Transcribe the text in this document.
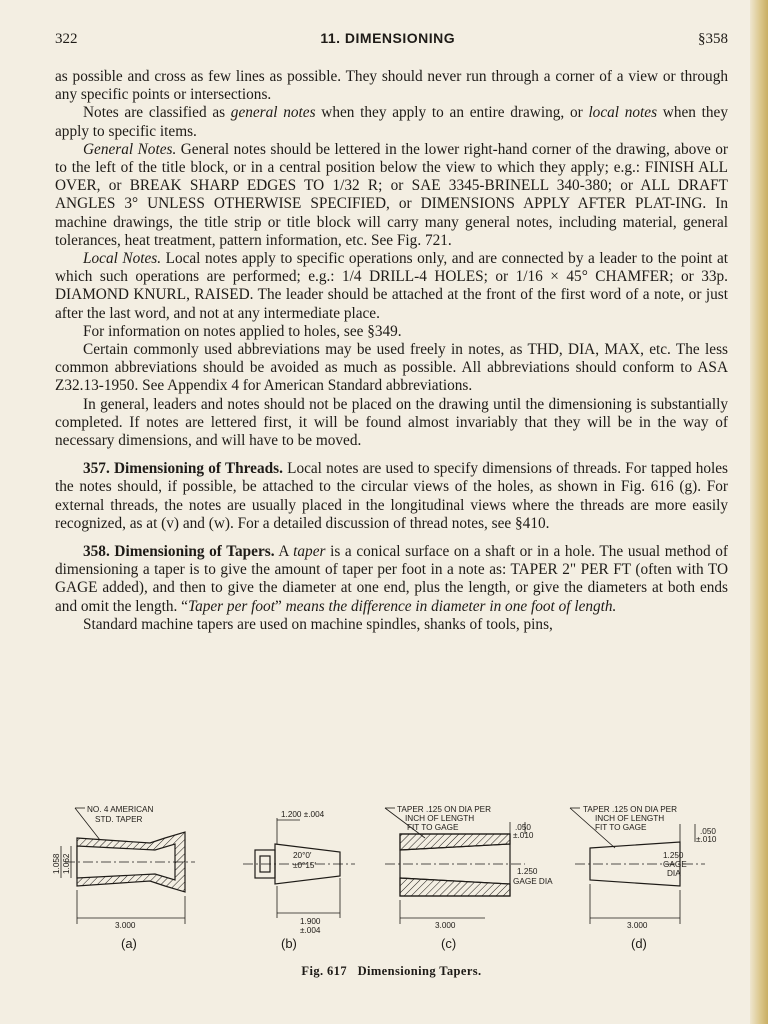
322	11. DIMENSIONING	§358

as possible and cross as few lines as possible. They should never run through a corner of a view or through any specific points or intersections.

Notes are classified as general notes when they apply to an entire drawing, or local notes when they apply to specific items.

General Notes. General notes should be lettered in the lower right-hand corner of the drawing, above or to the left of the title block, or in a central position below the view to which they apply; e.g.: FINISH ALL OVER, or BREAK SHARP EDGES TO 1/32 R; or SAE 3345-BRINELL 340-380; or ALL DRAFT ANGLES 3° UNLESS OTHERWISE SPECIFIED, or DIMENSIONS APPLY AFTER PLAT-ING. In machine drawings, the title strip or title block will carry many general notes, including material, general tolerances, heat treatment, pattern information, etc. See Fig. 721.

Local Notes. Local notes apply to specific operations only, and are connected by a leader to the point at which such operations are performed; e.g.: 1/4 DRILL-4 HOLES; or 1/16 × 45° CHAMFER; or 33p. DIAMOND KNURL, RAISED. The leader should be attached at the front of the first word of a note, or just after the last word, and not at any intermediate place.

For information on notes applied to holes, see §349.

Certain commonly used abbreviations may be used freely in notes, as THD, DIA, MAX, etc. The less common abbreviations should be avoided as much as possible. All abbreviations should conform to ASA Z32.13-1950. See Appendix 4 for American Standard abbreviations.

In general, leaders and notes should not be placed on the drawing until the dimensioning is substantially completed. If notes are lettered first, it will be found almost invariably that they will be in the way of necessary dimensions, and will have to be moved.

357. Dimensioning of Threads. Local notes are used to specify dimensions of threads. For tapped holes the notes should, if possible, be attached to the circular views of the holes, as shown in Fig. 616 (g). For external threads, the notes are usually placed in the longitudinal views where the threads are more easily recognized, as at (v) and (w). For a detailed discussion of thread notes, see §410.

358. Dimensioning of Tapers. A taper is a conical surface on a shaft or in a hole. The usual method of dimensioning a taper is to give the amount of taper per foot in a note as: TAPER 2" PER FT (often with TO GAGE added), and then to give the diameter at one end, plus the length, or give the diameters at both ends and omit the length. “Taper per foot” means the difference in diameter in one foot of length.

Standard machine tapers are used on machine spindles, shanks of tools, pins,

NO. 4 AMERICAN
STD. TAPER
1.058 1.062
3.000
(a)
1.200 ±.004
20°0′
±0°15′
1.900
±.004
(b)
TAPER .125 ON DIA PER
INCH OF LENGTH
FIT TO GAGE	.050
±.010
1.250
GAGE DIA
3.000
(c)
TAPER .125 ON DIA PER
INCH OF LENGTH
FIT TO GAGE	.050
±.010
1.250
GAGE
DIA
3.000
(d)
Fig. 617 Dimensioning Tapers.
